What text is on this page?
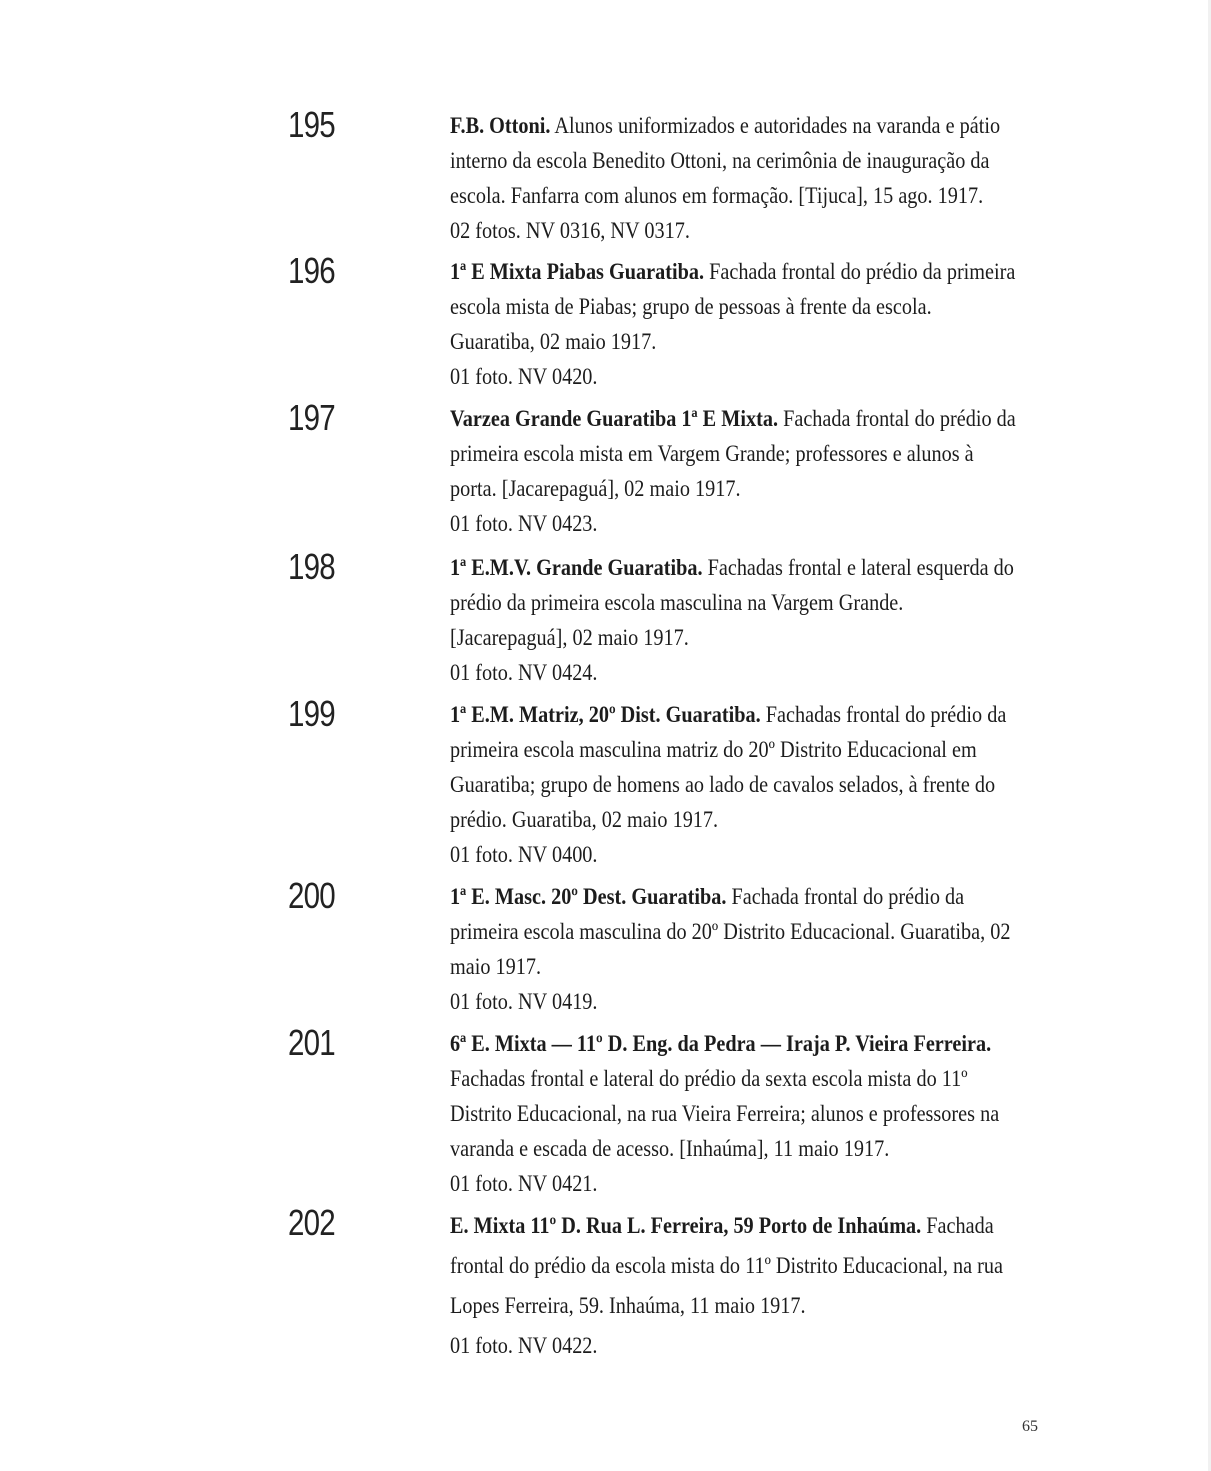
195	F.B. Ottoni. Alunos uniformizados e autoridades na varanda e pátio
interno da escola Benedito Ottoni, na cerimônia de inauguração da
escola. Fanfarra com alunos em formação. [Tijuca], 15 ago. 1917.
02 fotos. NV 0316, NV 0317.
196	1ª E Mixta Piabas Guaratiba. Fachada frontal do prédio da primeira
escola mista de Piabas; grupo de pessoas à frente da escola.
Guaratiba, 02 maio 1917.
01 foto. NV 0420.
197	Varzea Grande Guaratiba 1ª E Mixta. Fachada frontal do prédio da
primeira escola mista em Vargem Grande; professores e alunos à
porta. [Jacarepaguá], 02 maio 1917.
01 foto. NV 0423.
198	1ª E.M.V. Grande Guaratiba. Fachadas frontal e lateral esquerda do
prédio da primeira escola masculina na Vargem Grande.
[Jacarepaguá], 02 maio 1917.
01 foto. NV 0424.
199	1ª E.M. Matriz, 20º Dist. Guaratiba. Fachadas frontal do prédio da
primeira escola masculina matriz do 20º Distrito Educacional em
Guaratiba; grupo de homens ao lado de cavalos selados, à frente do
prédio. Guaratiba, 02 maio 1917.
01 foto. NV 0400.
200	1ª E. Masc. 20º Dest. Guaratiba. Fachada frontal do prédio da
primeira escola masculina do 20º Distrito Educacional. Guaratiba, 02
maio 1917.
01 foto. NV 0419.
201	6ª E. Mixta — 11º D. Eng. da Pedra — Iraja P. Vieira Ferreira.
Fachadas frontal e lateral do prédio da sexta escola mista do 11º
Distrito Educacional, na rua Vieira Ferreira; alunos e professores na
varanda e escada de acesso. [Inhaúma], 11 maio 1917.
01 foto. NV 0421.
202	E. Mixta 11º D. Rua L. Ferreira, 59 Porto de Inhaúma. Fachada
frontal do prédio da escola mista do 11º Distrito Educacional, na rua
Lopes Ferreira, 59. Inhaúma, 11 maio 1917.
01 foto. NV 0422.
65
